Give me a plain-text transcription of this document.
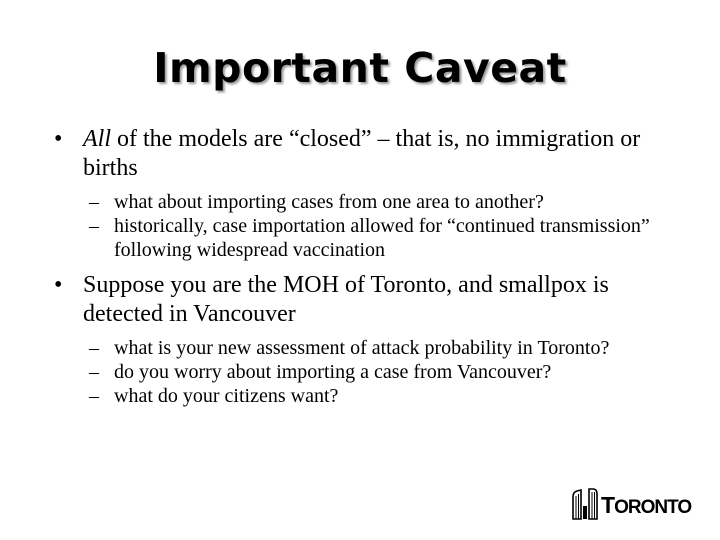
Important Caveat
• All of the models are “closed” – that is, no immigration or births
– what about importing cases from one area to another?
– historically, case importation allowed for “continued transmission” following widespread vaccination
• Suppose you are the MOH of Toronto, and smallpox is detected in Vancouver
– what is your new assessment of attack probability in Toronto?
– do you worry about importing a case from Vancouver?
– what do your citizens want?
TORONTO
